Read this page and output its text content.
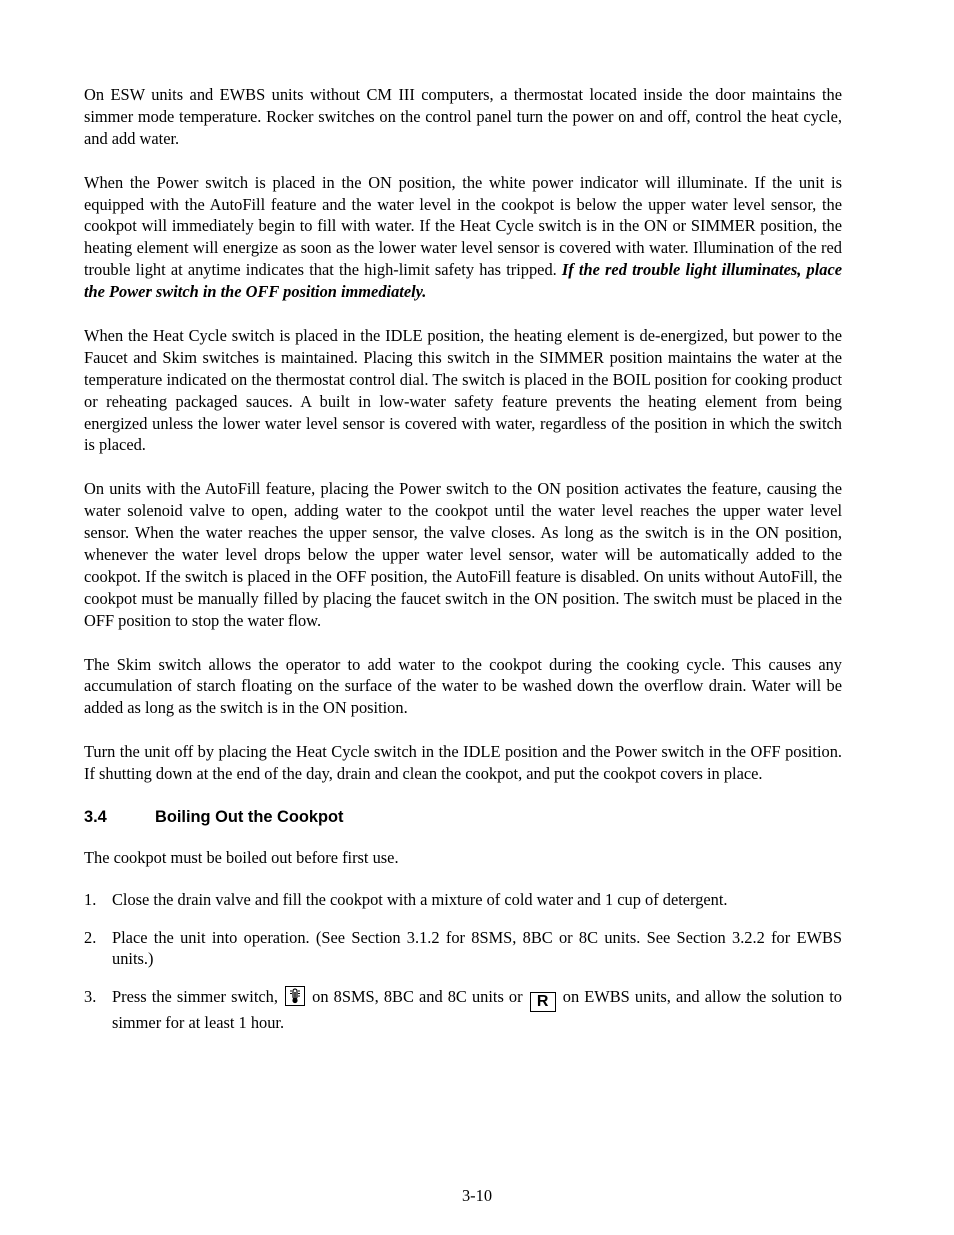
On ESW units and EWBS units without CM III computers, a thermostat located inside the door maintains the simmer mode temperature. Rocker switches on the control panel turn the power on and off, control the heat cycle, and add water.

When the Power switch is placed in the ON position, the white power indicator will illuminate. If the unit is equipped with the AutoFill feature and the water level in the cookpot is below the upper water level sensor, the cookpot will immediately begin to fill with water. If the Heat Cycle switch is in the ON or SIMMER position, the heating element will energize as soon as the lower water level sensor is covered with water. Illumination of the red trouble light at anytime indicates that the high-limit safety has tripped. If the red trouble light illuminates, place the Power switch in the OFF position immediately.

When the Heat Cycle switch is placed in the IDLE position, the heating element is de-energized, but power to the Faucet and Skim switches is maintained. Placing this switch in the SIMMER position maintains the water at the temperature indicated on the thermostat control dial. The switch is placed in the BOIL position for cooking product or reheating packaged sauces. A built in low-water safety feature prevents the heating element from being energized unless the lower water level sensor is covered with water, regardless of the position in which the switch is placed.

On units with the AutoFill feature, placing the Power switch to the ON position activates the feature, causing the water solenoid valve to open, adding water to the cookpot until the water level reaches the upper water level sensor. When the water reaches the upper sensor, the valve closes. As long as the switch is in the ON position, whenever the water level drops below the upper water level sensor, water will be automatically added to the cookpot. If the switch is placed in the OFF position, the AutoFill feature is disabled. On units without AutoFill, the cookpot must be manually filled by placing the faucet switch in the ON position. The switch must be placed in the OFF position to stop the water flow.

The Skim switch allows the operator to add water to the cookpot during the cooking cycle. This causes any accumulation of starch floating on the surface of the water to be washed down the overflow drain. Water will be added as long as the switch is in the ON position.

Turn the unit off by placing the Heat Cycle switch in the IDLE position and the Power switch in the OFF position. If shutting down at the end of the day, drain and clean the cookpot, and put the cookpot covers in place.

3.4	Boiling Out the Cookpot

The cookpot must be boiled out before first use.

1. Close the drain valve and fill the cookpot with a mixture of cold water and 1 cup of detergent.
2. Place the unit into operation. (See Section 3.1.2 for 8SMS, 8BC or 8C units. See Section 3.2.2 for EWBS units.)
3. Press the simmer switch,
on 8SMS, 8BC and 8C units or R on EWBS units, and allow the solution to simmer for at least 1 hour.
3-10
